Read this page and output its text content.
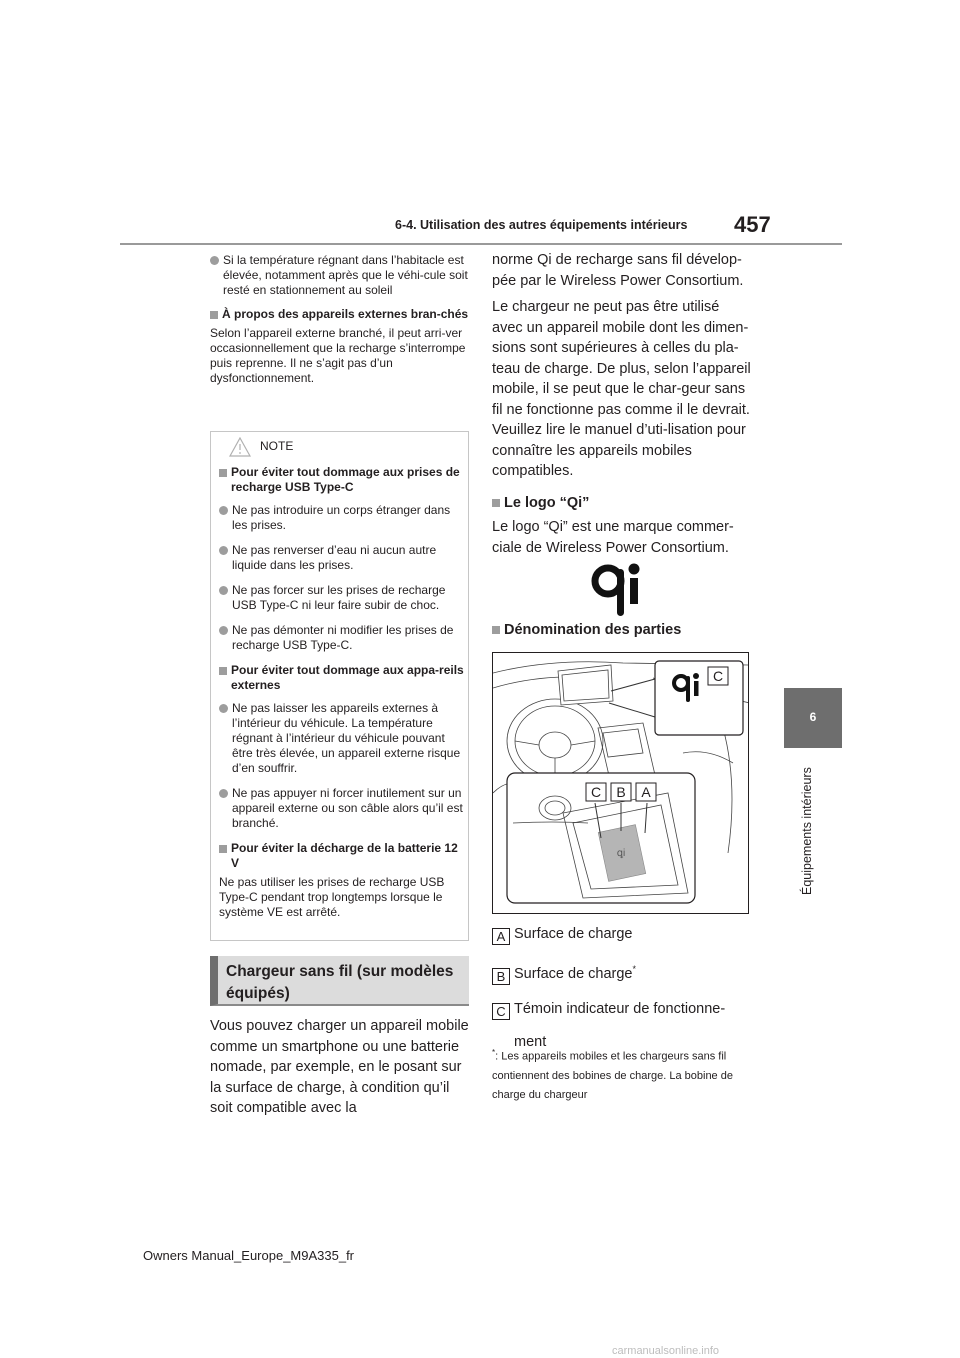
6-4. Utilisation des autres équipements intérieurs 457
6
Équipements intérieurs
Si la température régnant dans l’habitacle est élevée, notamment après que le véhi-cule soit resté en stationnement au soleil
À propos des appareils externes bran-chés
Selon l’appareil externe branché, il peut arri-ver occasionnellement que la recharge s’interrompe puis reprenne. Il ne s’agit pas d’un dysfonctionnement.
NOTE
Pour éviter tout dommage aux prises de recharge USB Type-C
Ne pas introduire un corps étranger dans les prises.
Ne pas renverser d’eau ni aucun autre liquide dans les prises.
Ne pas forcer sur les prises de recharge USB Type-C ni leur faire subir de choc.
Ne pas démonter ni modifier les prises de recharge USB Type-C.
Pour éviter tout dommage aux appa-reils externes
Ne pas laisser les appareils externes à l’intérieur du véhicule. La température régnant à l’intérieur du véhicule pouvant être très élevée, un appareil externe risque d’en souffrir.
Ne pas appuyer ni forcer inutilement sur un appareil externe ou son câble alors qu’il est branché.
Pour éviter la décharge de la batterie 12 V
Ne pas utiliser les prises de recharge USB Type-C pendant trop longtemps lorsque le système VE est arrêté.
Chargeur sans fil (sur modèles équipés)
Vous pouvez charger un appareil mobile comme un smartphone ou une batterie nomade, par exemple, en le posant sur la surface de charge, à condition qu’il soit compatible avec la
norme Qi de recharge sans fil dévelop-pée par le Wireless Power Consortium.
Le chargeur ne peut pas être utilisé avec un appareil mobile dont les dimen-sions sont supérieures à celles du pla-teau de charge. De plus, selon l’appareil mobile, il se peut que le char-geur sans fil ne fonctionne pas comme il le devrait. Veuillez lire le manuel d’uti-lisation pour connaître les appareils mobiles compatibles.
Le logo “Qi”
Le logo “Qi” est une marque commer-ciale de Wireless Power Consortium.
Dénomination des parties
C
ꝗi
C B A
A Surface de charge
B Surface de charge*
C Témoin indicateur de fonctionne-
ment
*: Les appareils mobiles et les chargeurs sans fil contiennent des bobines de charge. La bobine de charge du chargeur
Owners Manual_Europe_M9A335_fr
carmanualsonline.info
